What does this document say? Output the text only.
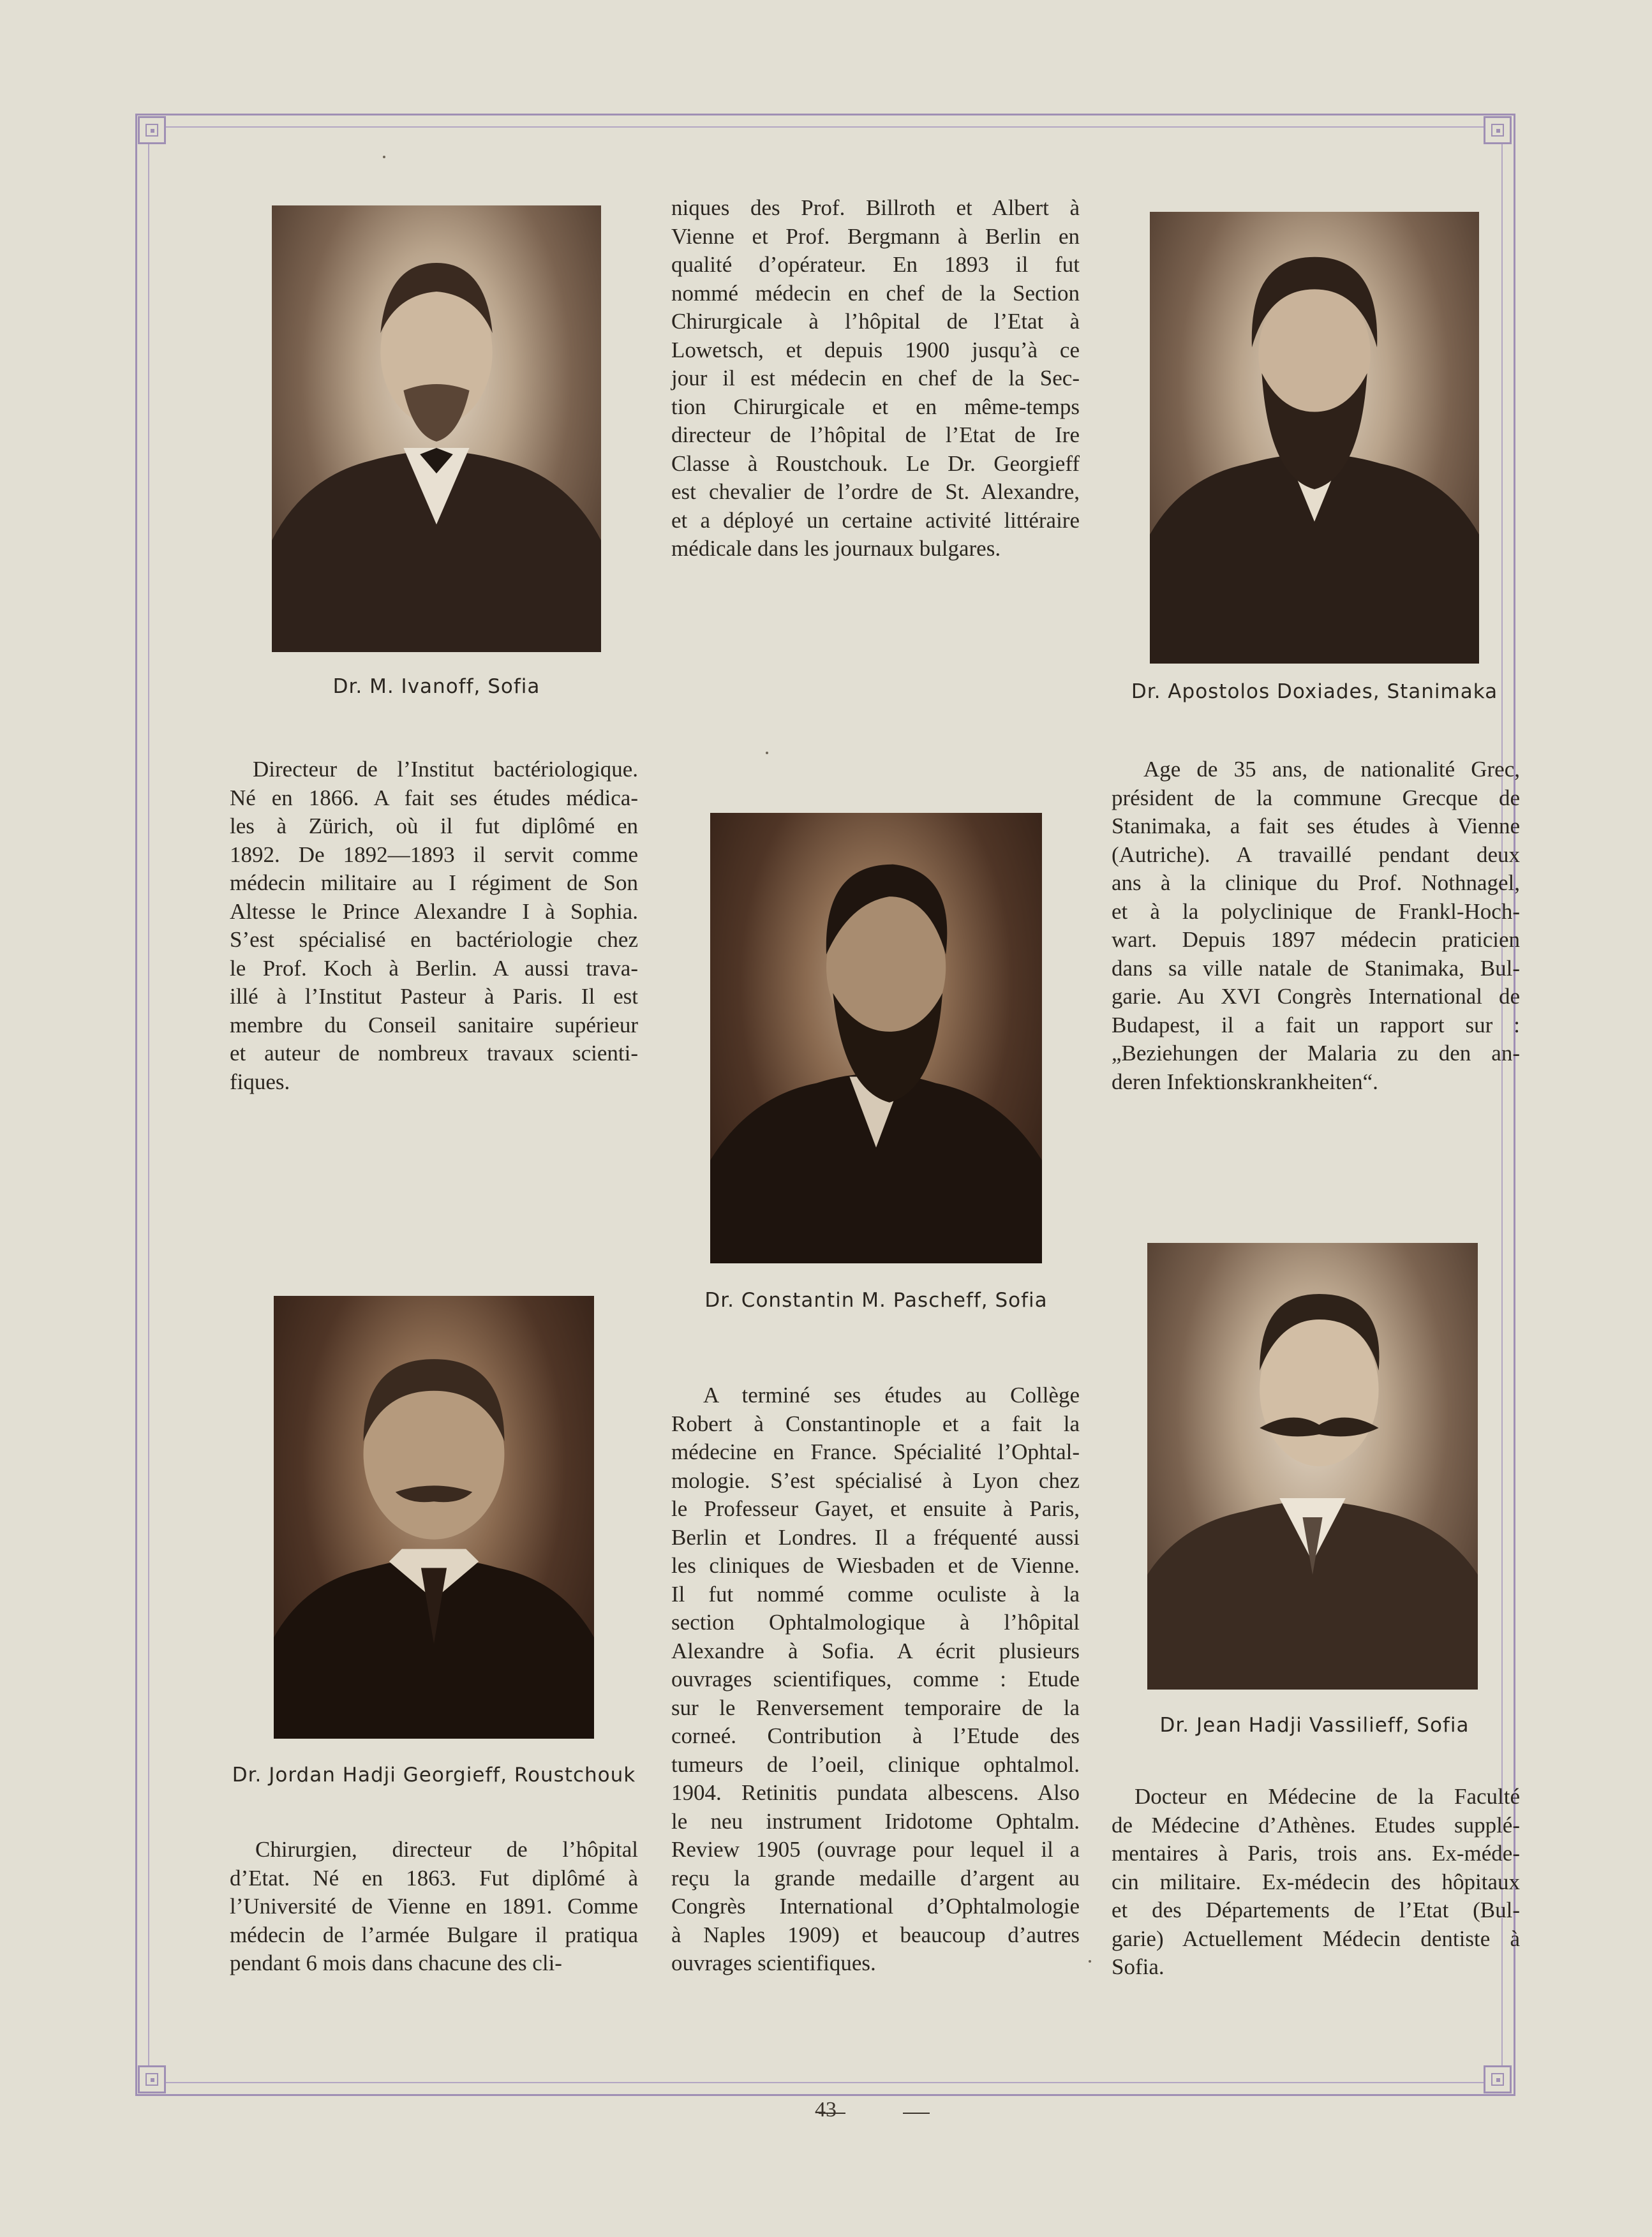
Dr. M. Ivanoff, Sofia	Dr. Apostolos Doxiades, Stanimaka
Dr. Constantin M. Pascheff, Sofia
Dr. Jordan Hadji Georgieff, Roustchouk
Dr. Jean Hadji Vassilieff, Sofia
niques des Prof. Billroth et Albert à
Vienne et Prof. Bergmann à Berlin en
qualité d’opérateur. En 1893 il fut
nommé médecin en chef de la Section
Chirurgicale à l’hôpital de l’Etat à
Lowetsch, et depuis 1900 jusqu’à ce
jour il est médecin en chef de la Sec-
tion Chirurgicale et en même-temps
directeur de l’hôpital de l’Etat de Ire
Classe à Roustchouk. Le Dr. Georgieff
est chevalier de l’ordre de St. Alexandre,
et a déployé un certaine activité littéraire
médicale dans les journaux bulgares.
Directeur de l’Institut bactériologique.
Né en 1866. A fait ses études médica-
les à Zürich, où il fut diplômé en
1892. De 1892—1893 il servit comme
médecin militaire au I régiment de Son
Altesse le Prince Alexandre I à Sophia.
S’est spécialisé en bactériologie chez
le Prof. Koch à Berlin. A aussi trava-
illé à l’Institut Pasteur à Paris. Il est
membre du Conseil sanitaire supérieur
et auteur de nombreux travaux scienti-
fiques.
Age de 35 ans, de nationalité Grec,
président de la commune Grecque de
Stanimaka, a fait ses études à Vienne
(Autriche). A travaillé pendant deux
ans à la clinique du Prof. Nothnagel,
et à la polyclinique de Frankl-Hoch-
wart. Depuis 1897 médecin praticien
dans sa ville natale de Stanimaka, Bul-
garie. Au XVI Congrès International de
Budapest, il a fait un rapport sur :
„Beziehungen der Malaria zu den an-
deren Infektionskrankheiten“.
A terminé ses études au Collège
Robert à Constantinople et a fait la
médecine en France. Spécialité l’Ophtal-
mologie. S’est spécialisé à Lyon chez
le Professeur Gayet, et ensuite à Paris,
Berlin et Londres. Il a fréquenté aussi
les cliniques de Wiesbaden et de Vienne.
Il fut nommé comme oculiste à la
section Ophtalmologique à l’hôpital
Alexandre à Sofia. A écrit plusieurs
ouvrages scientifiques, comme : Etude
sur le Renversement temporaire de la
corneé. Contribution à l’Etude des
tumeurs de l’oeil, clinique ophtalmol.
1904. Retinitis pundata albescens. Also
le neu instrument Iridotome Ophtalm.
Review 1905 (ouvrage pour lequel il a
reçu la grande medaille d’argent au
Congrès International d’Ophtalmologie
à Naples 1909) et beaucoup d’autres
ouvrages scientifiques.
Chirurgien, directeur de l’hôpital
d’Etat. Né en 1863. Fut diplômé à
l’Université de Vienne en 1891. Comme
médecin de l’armée Bulgare il pratiqua
pendant 6 mois dans chacune des cli-
Docteur en Médecine de la Faculté
de Médecine d’Athènes. Etudes supplé-
mentaires à Paris, trois ans. Ex-méde-
cin militaire. Ex-médecin des hôpitaux
et des Départements de l’Etat (Bul-
garie) Actuellement Médecin dentiste à
Sofia.
43
